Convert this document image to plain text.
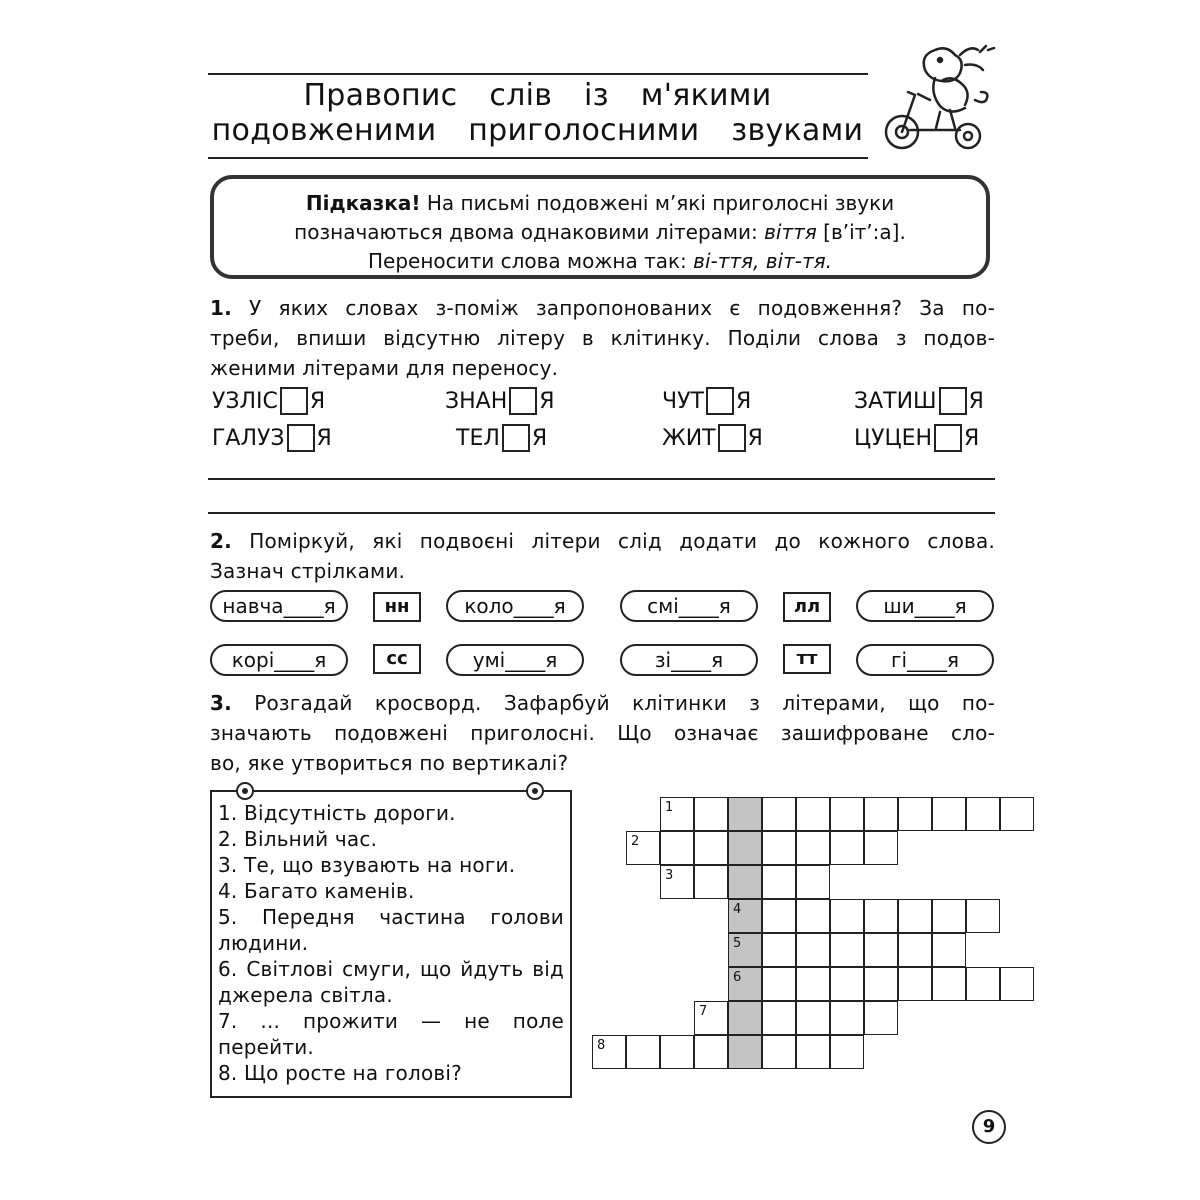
Правопис слів із м'якими
подовженими приголосними звуками
Підказка! На письмі подовжені м’які приголосні звуки
позначаються двома однаковими літерами: віття [в’іт’:а].
Переносити слова можна так: ві-ття, віт-тя.
1. У яких словах з-поміж запропонованих є подовження? За по-
треби, впиши відсутню літеру в клітинку. Поділи слова з подов-
женими літерами для переносу.
УЗЛІС Я	ЗНАН Я	ЧУТ Я	ЗАТИШ Я
ГАЛУЗ Я	ТЕЛ Я	ЖИТ Я	ЦУЦЕН Я
2. Поміркуй, які подвоєні літери слід додати до кожного слова.
Зазнач стрілками.
навча____я	нн	коло____я	смі____я	лл	ши____я
корі____я	сс	умі____я	зі____я	тт	гі____я
3. Розгадай кросворд. Зафарбуй клітинки з літерами, що по-
значають подовжені приголосні. Що означає зашифроване сло-
во, яке утвориться по вертикалі?
1. Відсутність дороги.
2. Вільний час.
3. Те, що взувають на ноги.
4. Багато каменів.
5. Передня частина голови людини.
6. Світлові смуги, що йдуть від джерела світла.
7. ... прожити — не поле перейти.
8. Що росте на голові?
1
2
3
4
5
6
7
8
9
